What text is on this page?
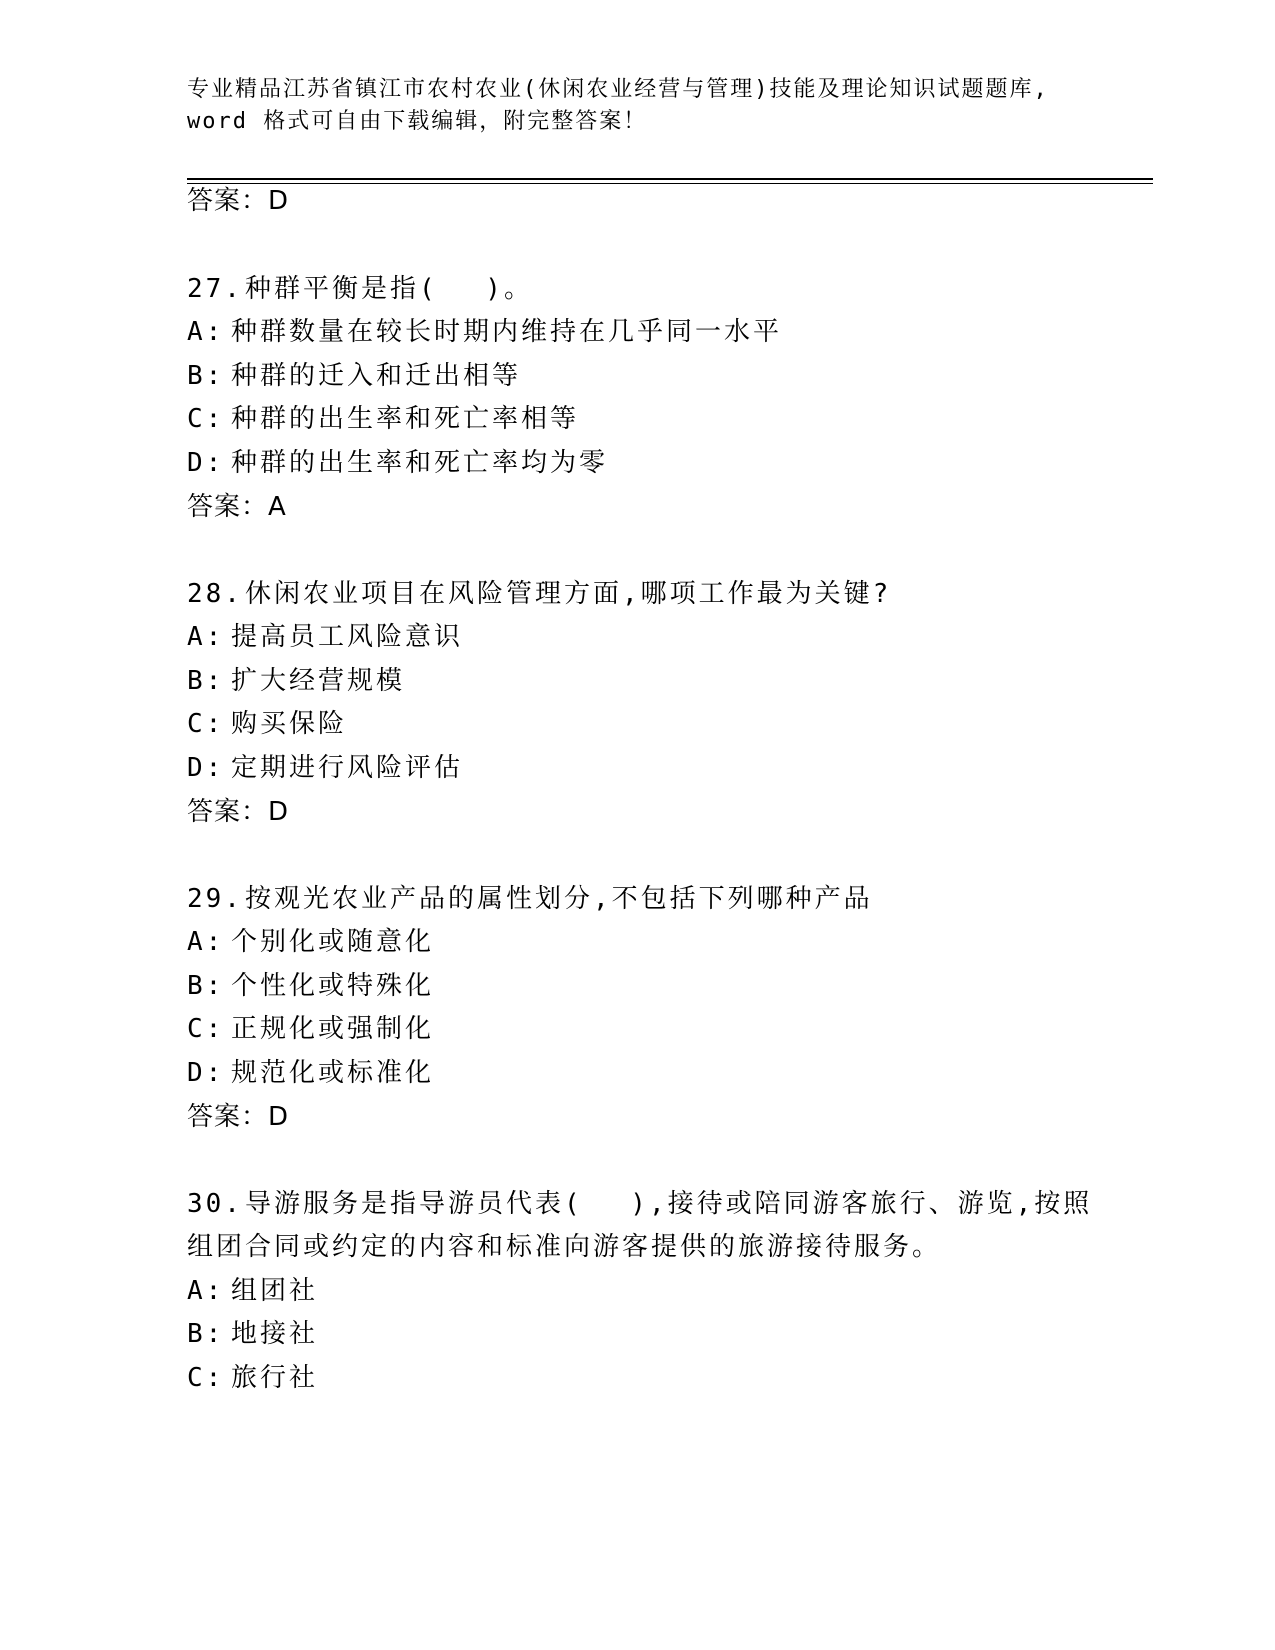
专业精品江苏省镇江市农村农业(休闲农业经营与管理)技能及理论知识试题题库,
word 格式可自由下载编辑，附完整答案！
答案：D
27.种群平衡是指(　 )。
A: 种群数量在较长时期内维持在几乎同一水平
B: 种群的迁入和迁出相等
C: 种群的出生率和死亡率相等
D: 种群的出生率和死亡率均为零
答案：A
28.休闲农业项目在风险管理方面,哪项工作最为关键?
A: 提高员工风险意识
B: 扩大经营规模
C: 购买保险
D: 定期进行风险评估
答案：D
29.按观光农业产品的属性划分,不包括下列哪种产品
A: 个别化或随意化
B: 个性化或特殊化
C: 正规化或强制化
D: 规范化或标准化
答案：D
30.导游服务是指导游员代表(　 ),接待或陪同游客旅行、游览,按照
组团合同或约定的内容和标准向游客提供的旅游接待服务。
A: 组团社
B: 地接社
C: 旅行社
